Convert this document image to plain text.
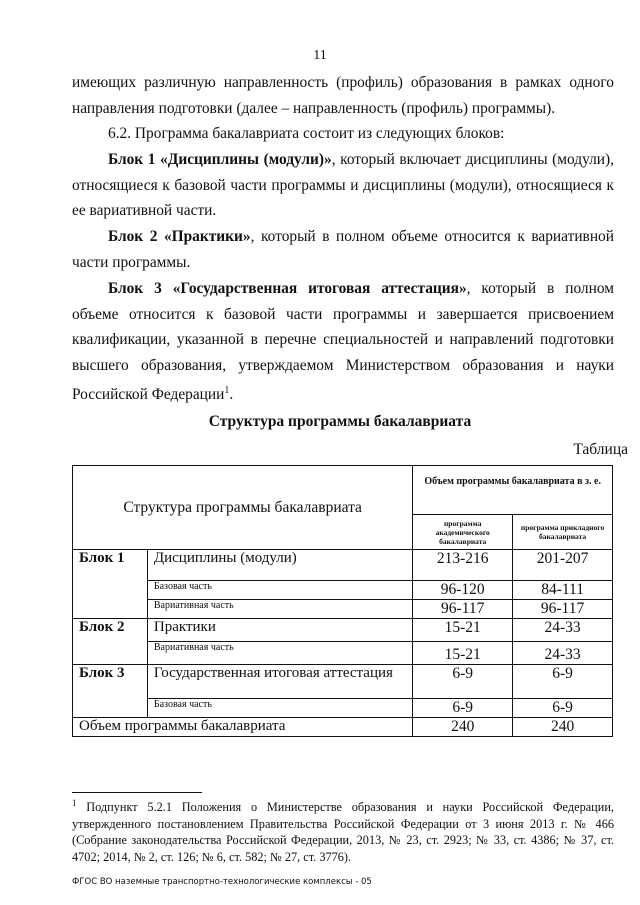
11

имеющих различную направленность (профиль) образования в рамках одного направления подготовки (далее – направленность (профиль) программы).

6.2. Программа бакалавриата состоит из следующих блоков:

Блок 1 «Дисциплины (модули)», который включает дисциплины (модули), относящиеся к базовой части программы и дисциплины (модули), относящиеся к ее вариативной части.

Блок 2 «Практики», который в полном объеме относится к вариативной части программы.

Блок 3 «Государственная итоговая аттестация», который в полном объеме относится к базовой части программы и завершается присвоением квалификации, указанной в перечне специальностей и направлений подготовки высшего образования, утверждаемом Министерством образования и науки Российской Федерации$^1$.

Структура программы бакалавриата
Таблица
Структура программы бакалавриата		Объем программы бакалавриата в з. е.	
		программа академического бакалавриата	программа прикладного бакалавриата
Блок 1	Дисциплины (модули)	213-216	201-207
	Базовая часть	96-120	84-111
	Вариативная часть	96-117	96-117
Блок 2	Практики	15-21	24-33
	Вариативная часть	15-21	24-33
Блок 3	Государственная итоговая аттестация	6-9	6-9
	Базовая часть	6-9	6-9
Объем программы бакалавриата		240	240

$^1$ Подпункт 5.2.1 Положения о Министерстве образования и науки Российской Федерации, утвержденного постановлением Правительства Российской Федерации от 3 июня 2013 г. № 466 (Собрание законодательства Российской Федерации, 2013, № 23, ст. 2923; № 33, ст. 4386; № 37, ст. 4702; 2014, № 2, ст. 126; № 6, ст. 582; № 27, ст. 3776).

ФГОС ВО наземные транспортно-технологические комплексы - 05
